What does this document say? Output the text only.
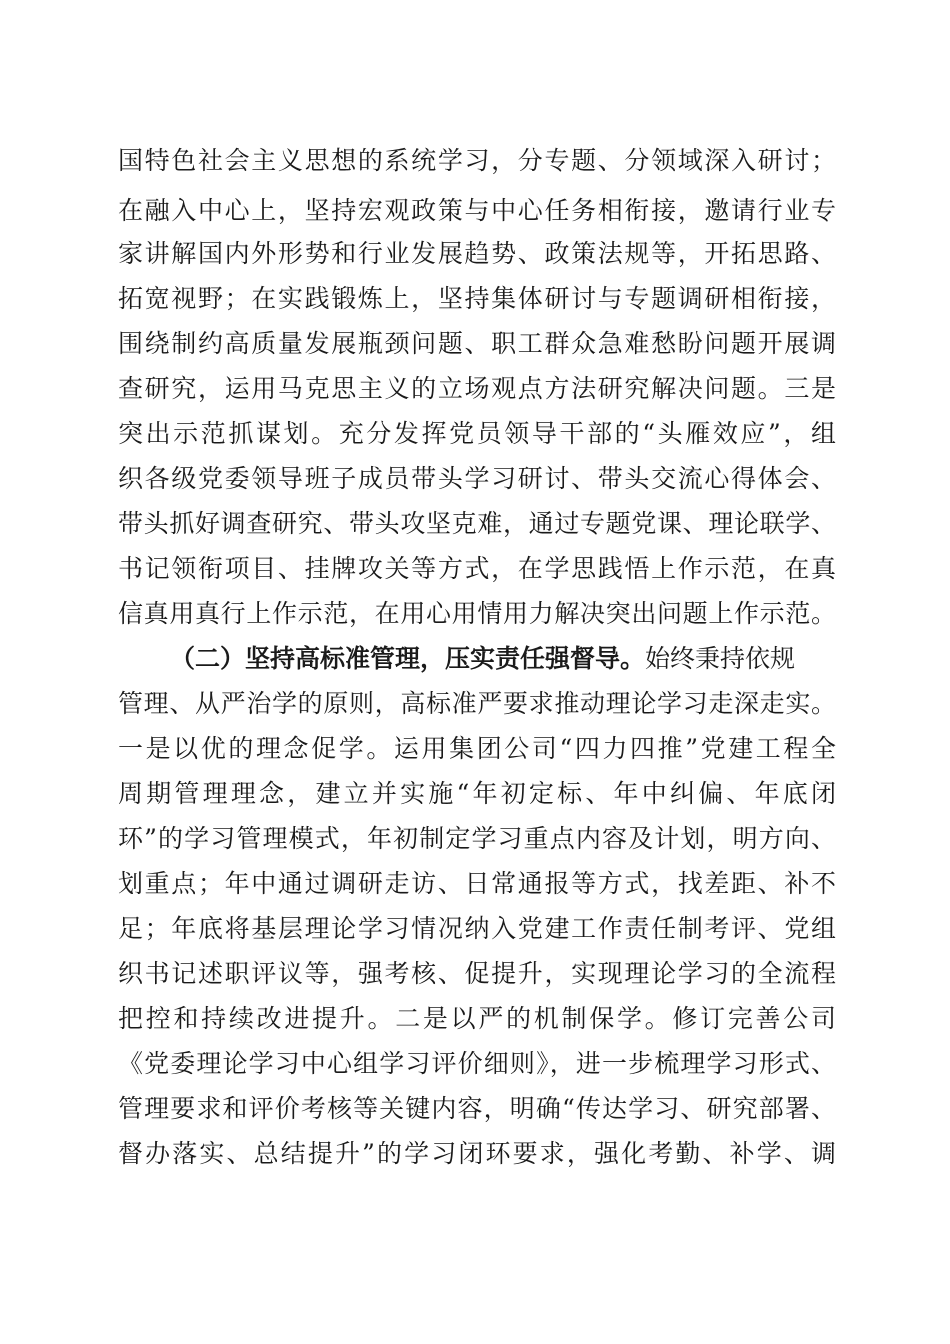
国特色社会主义思想的系统学习，分专题、分领域深入研讨；
在融入中心上，坚持宏观政策与中心任务相衔接，邀请行业专
家讲解国内外形势和行业发展趋势、政策法规等，开拓思路、
拓宽视野；在实践锻炼上，坚持集体研讨与专题调研相衔接，
围绕制约高质量发展瓶颈问题、职工群众急难愁盼问题开展调
查研究，运用马克思主义的立场观点方法研究解决问题。三是
突出示范抓谋划。充分发挥党员领导干部的“头雁效应”，组
织各级党委领导班子成员带头学习研讨、带头交流心得体会、
带头抓好调查研究、带头攻坚克难，通过专题党课、理论联学、
书记领衔项目、挂牌攻关等方式，在学思践悟上作示范，在真
信真用真行上作示范，在用心用情用力解决突出问题上作示范。
（二）坚持高标准管理，压实责任强督导。始终秉持依规
管理、从严治学的原则，高标准严要求推动理论学习走深走实。
一是以优的理念促学。运用集团公司“四力四推”党建工程全
周期管理理念，建立并实施“年初定标、年中纠偏、年底闭
环”的学习管理模式，年初制定学习重点内容及计划，明方向、
划重点；年中通过调研走访、日常通报等方式，找差距、补不
足；年底将基层理论学习情况纳入党建工作责任制考评、党组
织书记述职评议等，强考核、促提升，实现理论学习的全流程
把控和持续改进提升。二是以严的机制保学。修订完善公司
《党委理论学习中心组学习评价细则》，进一步梳理学习形式、
管理要求和评价考核等关键内容，明确“传达学习、研究部署、
督办落实、总结提升”的学习闭环要求，强化考勤、补学、调
